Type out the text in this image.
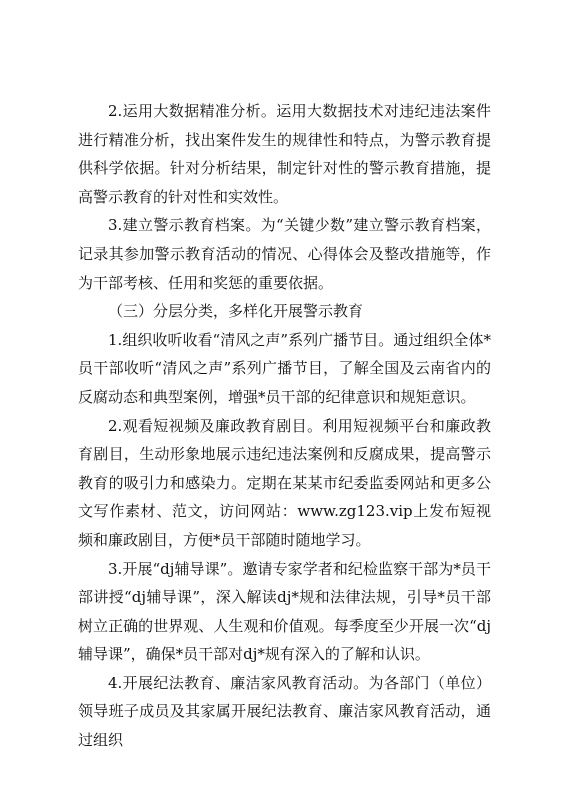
2.运用大数据精准分析。运用大数据技术对违纪违法案件进行精准分析，找出案件发生的规律性和特点，为警示教育提供科学依据。针对分析结果，制定针对性的警示教育措施，提高警示教育的针对性和实效性。

3.建立警示教育档案。为“关键少数”建立警示教育档案，记录其参加警示教育活动的情况、心得体会及整改措施等，作为干部考核、任用和奖惩的重要依据。

（三）分层分类，多样化开展警示教育

1.组织收听收看“清风之声”系列广播节目。通过组织全体*员干部收听“清风之声”系列广播节目，了解全国及云南省内的反腐动态和典型案例，增强*员干部的纪律意识和规矩意识。

2.观看短视频及廉政教育剧目。利用短视频平台和廉政教育剧目，生动形象地展示违纪违法案例和反腐成果，提高警示教育的吸引力和感染力。定期在某某市纪委监委网站和更多公文写作素材、范文，访问网站：www.zg123.vip上发布短视频和廉政剧目，方便*员干部随时随地学习。

3.开展“dj辅导课”。邀请专家学者和纪检监察干部为*员干部讲授“dj辅导课”，深入解读dj*规和法律法规，引导*员干部树立正确的世界观、人生观和价值观。每季度至少开展一次“dj辅导课”，确保*员干部对dj*规有深入的了解和认识。

4.开展纪法教育、廉洁家风教育活动。为各部门（单位）领导班子成员及其家属开展纪法教育、廉洁家风教育活动，通过组织
